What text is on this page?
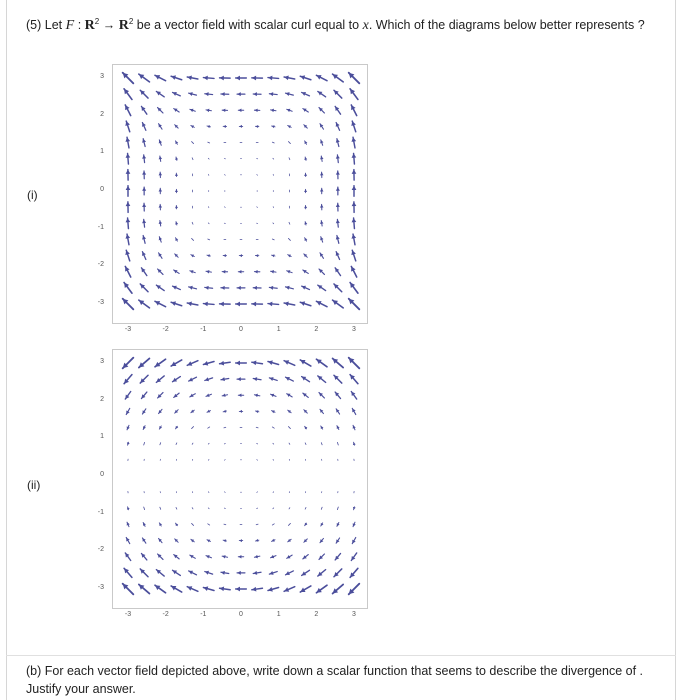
(5) Let F : $R^2 \to R^2$ be a vector field with scalar curl equal to x. Which of the diagrams below better represents ?
(i)
3
2
1
0
-1
-2
-3
-3	-2	-1	0	1	2	3
(ii)
3
2
1
0
-1
-2
-3
-3	-2	-1	0	1	2	3
(b) For each vector field depicted above, write down a scalar function that seems to describe the divergence of .
Justify your answer.
